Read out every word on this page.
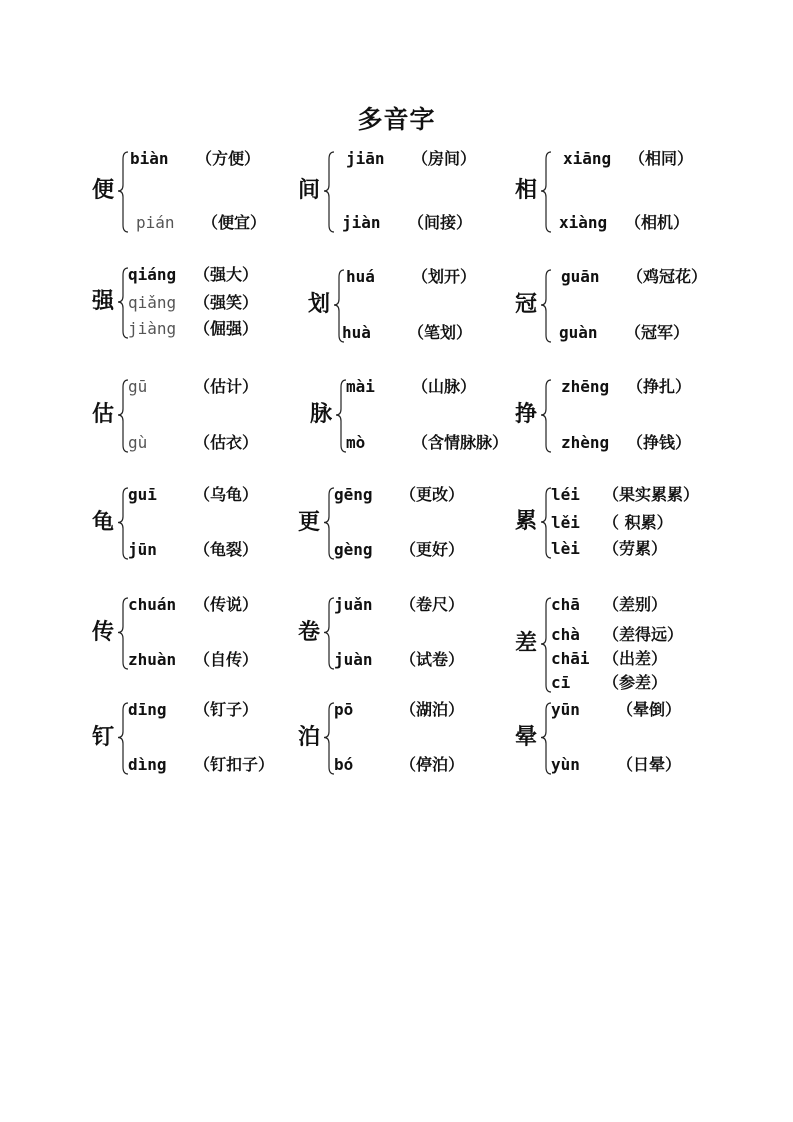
多音字
便
biàn （方便）
pián （便宜）
间
jiān （房间）
jiàn （间接）
相
xiāng （相同）
xiàng （相机）
强
qiáng （强大）
qiǎng （强笑）
jiàng （倔强）
划
huá （划开）
huà （笔划）
冠
guān （鸡冠花）
guàn （冠军）
估
gū	（估计）
gù	（估衣）
脉
mài （山脉）
mò	（含情脉脉）
挣
zhēng （挣扎）
zhèng （挣钱）
龟
guī （乌龟）
jūn （龟裂）
更
gēng （更改）
gèng （更好）
累
léi （果实累累）
lěi （ 积累）
lèi （劳累）
传
chuán （传说）
zhuàn （自传）
卷
juǎn （卷尺）
juàn （试卷）
差
chā （差别）
chà （差得远）
chāi （出差）
cī （参差）
钉
dīng （钉子）
dìng （钉扣子）
泊
pō	（湖泊）
bó	（停泊）
晕
yūn （晕倒）
yùn （日晕）
